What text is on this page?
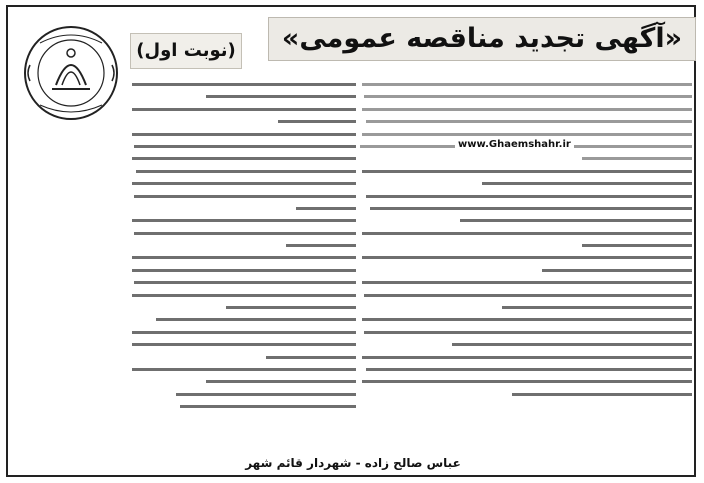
«آگهی تجدید مناقصه عمومی»
(نوبت اول)
www.Ghaemshahr.ir
عباس صالح زاده - شهردار قائم شهر
